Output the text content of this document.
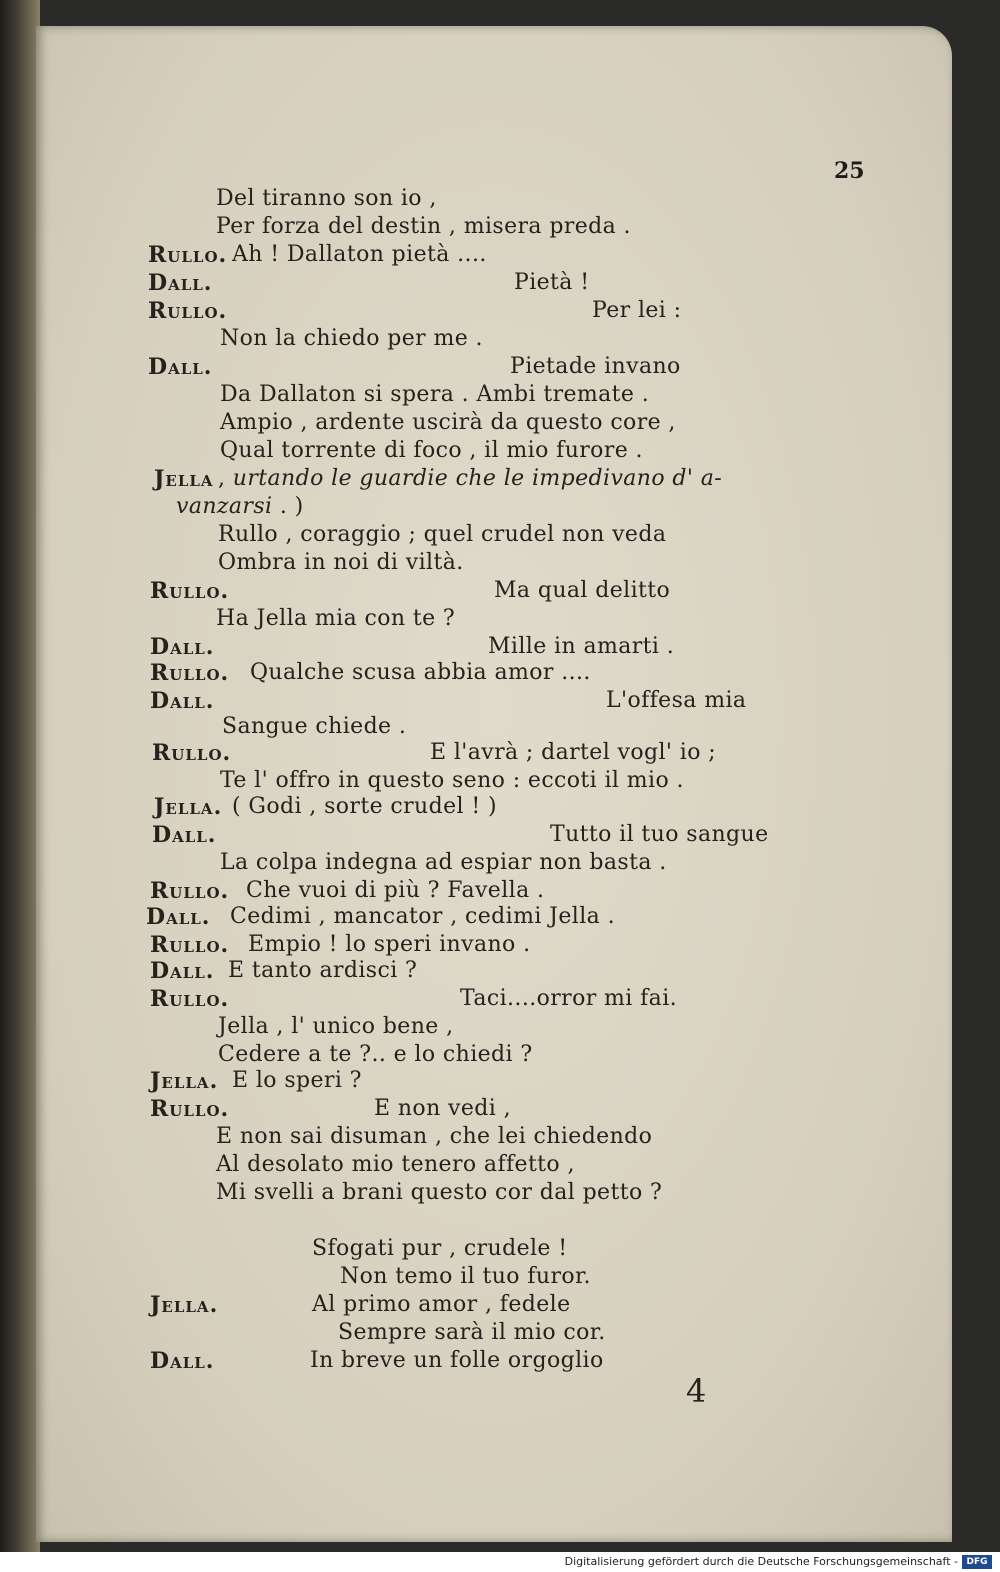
25
Del tiranno son io ,
Per forza del destin , misera preda .
Rullo. Ah ! Dallaton pietà ....
Dall.	Pietà !
Rullo.	Per lei :
Non la chiedo per me .
Dall.	Pietade invano
Da Dallaton si spera . Ambi tremate .
Ampio , ardente uscirà da questo core ,
Qual torrente di foco , il mio furore .
Jella , urtando le guardie che le impedivano d' a-
vanzarsi . )
Rullo , coraggio ; quel crudel non veda
Ombra in noi di viltà.
Rullo.	Ma qual delitto
Ha Jella mia con te ?
Dall.	Mille in amarti .
Rullo. Qualche scusa abbia amor ....
Dall.	L'offesa mia
Sangue chiede .
Rullo.	E l'avrà ; dartel vogl' io ;
Te l' offro in questo seno : eccoti il mio .
Jella. ( Godi , sorte crudel ! )
Dall.	Tutto il tuo sangue
La colpa indegna ad espiar non basta .
Rullo. Che vuoi di più ? Favella .
Dall. Cedimi , mancator , cedimi Jella .
Rullo. Empio ! lo speri invano .
Dall. E tanto ardisci ?
Rullo.	Taci....orror mi fai.
Jella , l' unico bene ,
Cedere a te ?.. e lo chiedi ?
Jella. E lo speri ?
Rullo.	E non vedi ,
E non sai disuman , che lei chiedendo
Al desolato mio tenero affetto ,
Mi svelli a brani questo cor dal petto ?
Sfogati pur , crudele !
Non temo il tuo furor.
Jella.	Al primo amor , fedele
Sempre sarà il mio cor.
Dall.	In breve un folle orgoglio
4
Digitalisierung gefördert durch die Deutsche Forschungsgemeinschaft - DFG
